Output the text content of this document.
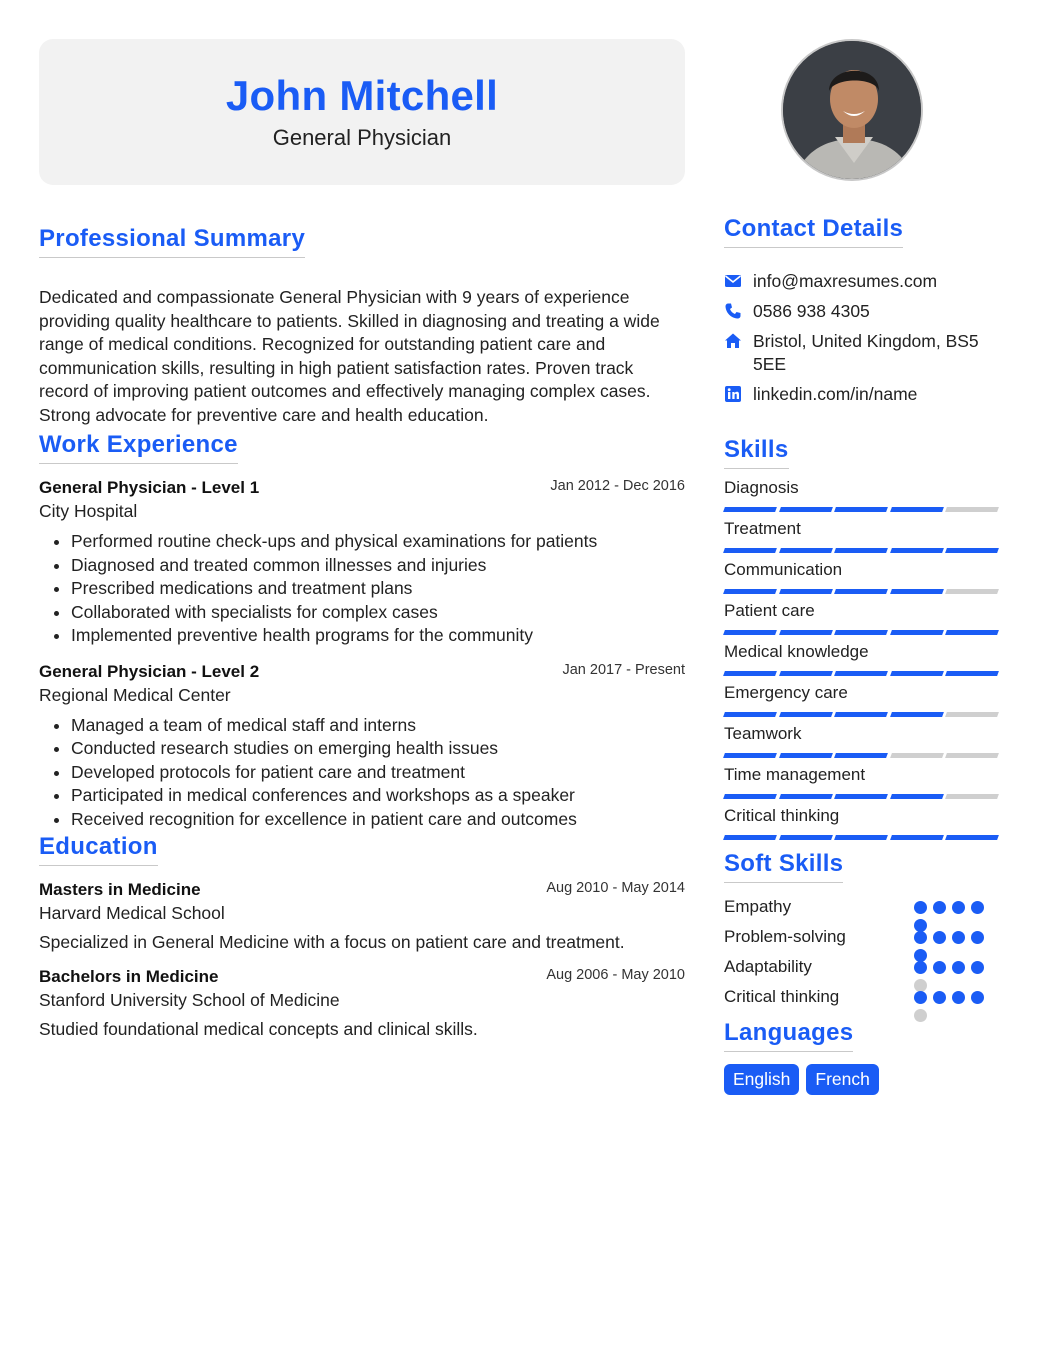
John Mitchell
General Physician
Professional Summary

Dedicated and compassionate General Physician with 9 years of experience providing quality healthcare to patients. Skilled in diagnosing and treating a wide range of medical conditions. Recognized for outstanding patient care and communication skills, resulting in high patient satisfaction rates. Proven track record of improving patient outcomes and effectively managing complex cases. Strong advocate for preventive care and health education.

Work Experience
General Physician - Level 1	Jan 2012 - Dec 2016
City Hospital
• Performed routine check-ups and physical examinations for patients
• Diagnosed and treated common illnesses and injuries
• Prescribed medications and treatment plans
• Collaborated with specialists for complex cases
• Implemented preventive health programs for the community
General Physician - Level 2	Jan 2017 - Present
Regional Medical Center
• Managed a team of medical staff and interns
• Conducted research studies on emerging health issues
• Developed protocols for patient care and treatment
• Participated in medical conferences and workshops as a speaker
• Received recognition for excellence in patient care and outcomes
Education
Masters in Medicine	Aug 2010 - May 2014
Harvard Medical School
Specialized in General Medicine with a focus on patient care and treatment.
Bachelors in Medicine	Aug 2006 - May 2010
Stanford University School of Medicine
Studied foundational medical concepts and clinical skills.
Contact Details
info@maxresumes.com
0586 938 4305
Bristol, United Kingdom, BS5 5EE
linkedin.com/in/name
Skills
Diagnosis
Treatment
Communication
Patient care
Medical knowledge
Emergency care
Teamwork
Time management
Critical thinking
Soft Skills
Empathy
Problem-solving
Adaptability
Critical thinking
Languages
English	French
